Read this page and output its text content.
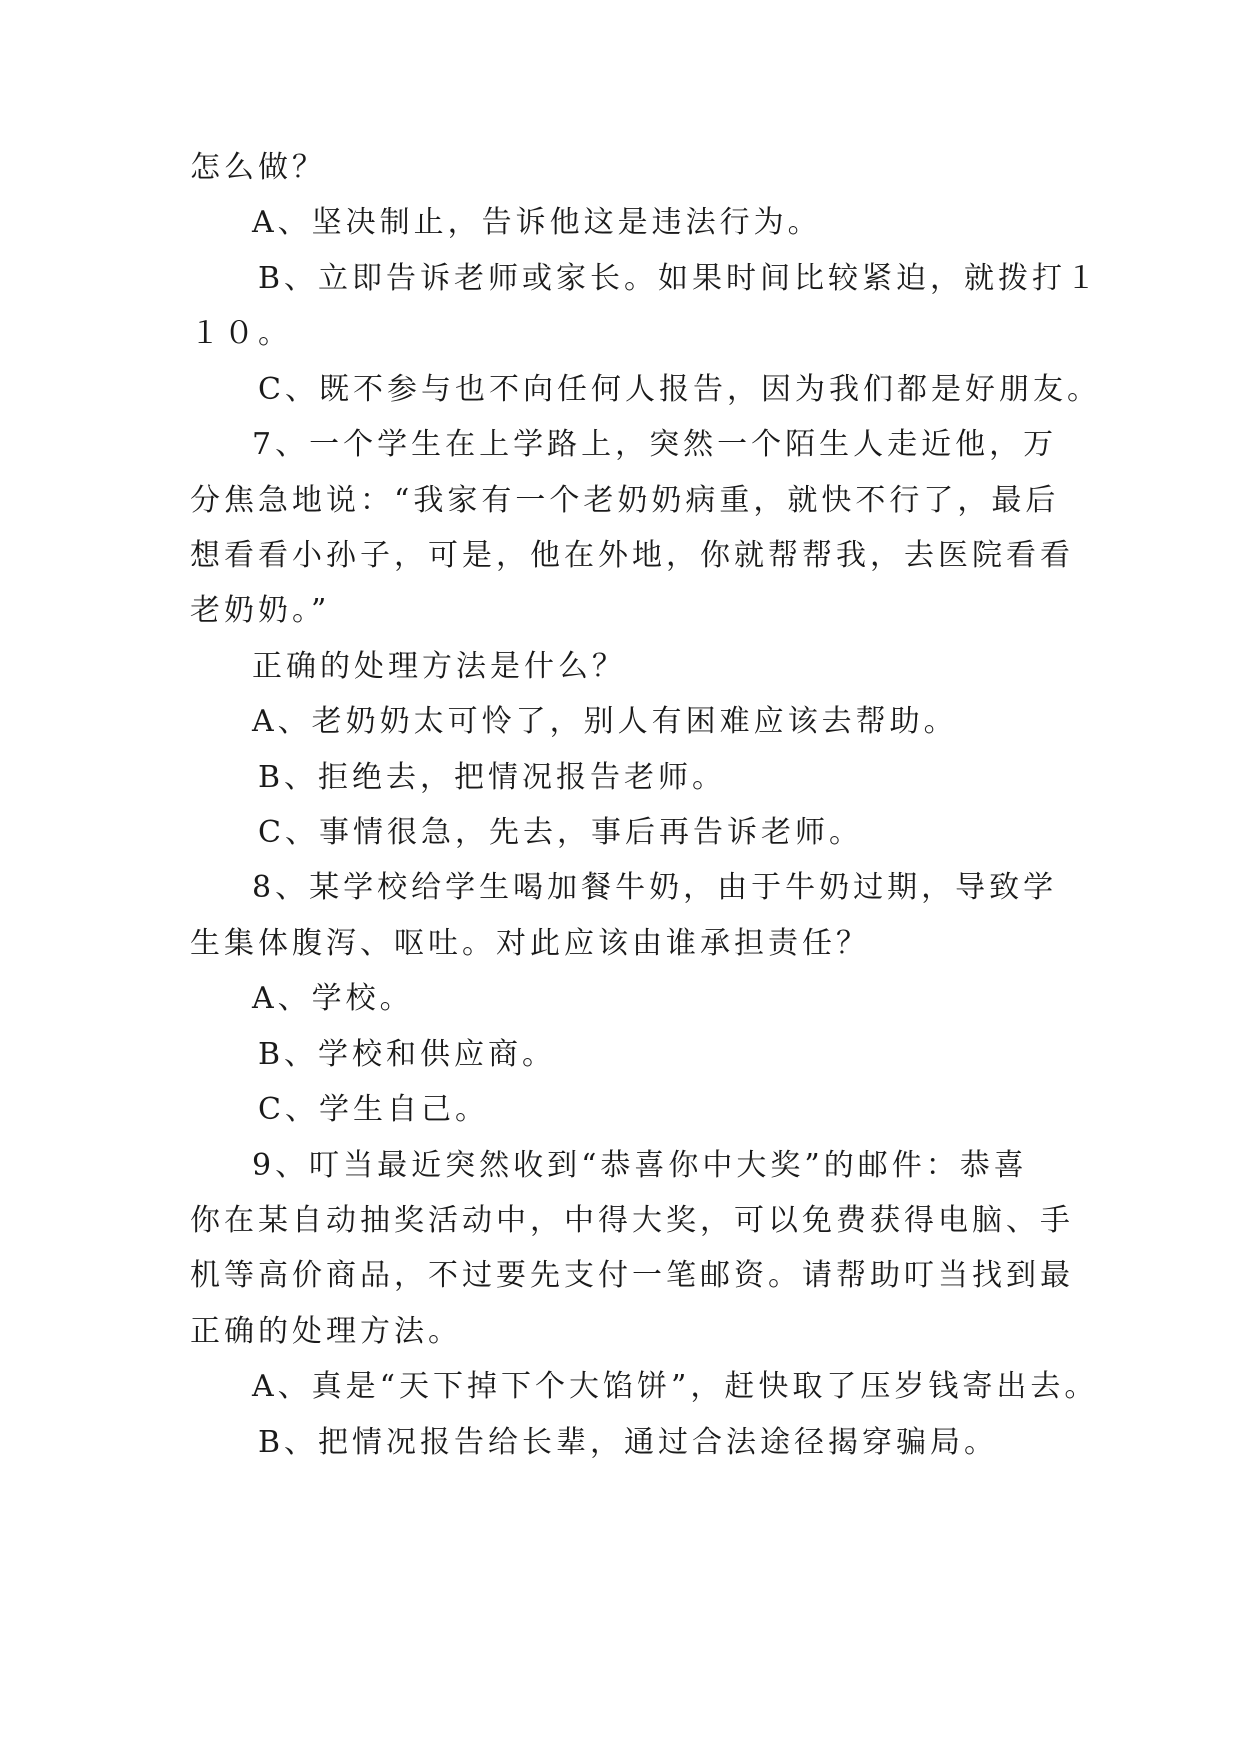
怎么做？
A、坚决制止，告诉他这是违法行为。
B、立即告诉老师或家长。如果时间比较紧迫，就拨打１
１０。
C、既不参与也不向任何人报告，因为我们都是好朋友。
7、一个学生在上学路上，突然一个陌生人走近他，万
分焦急地说：“我家有一个老奶奶病重，就快不行了，最后
想看看小孙子，可是，他在外地，你就帮帮我，去医院看看
老奶奶。”
正确的处理方法是什么？
A、老奶奶太可怜了，别人有困难应该去帮助。
B、拒绝去，把情况报告老师。
C、事情很急，先去，事后再告诉老师。
8、某学校给学生喝加餐牛奶，由于牛奶过期，导致学
生集体腹泻、呕吐。对此应该由谁承担责任？
A、学校。
B、学校和供应商。
C、学生自己。
9、叮当最近突然收到“恭喜你中大奖”的邮件：恭喜
你在某自动抽奖活动中，中得大奖，可以免费获得电脑、手
机等高价商品，不过要先支付一笔邮资。请帮助叮当找到最
正确的处理方法。
A、真是“天下掉下个大馅饼”，赶快取了压岁钱寄出去。
B、把情况报告给长辈，通过合法途径揭穿骗局。
